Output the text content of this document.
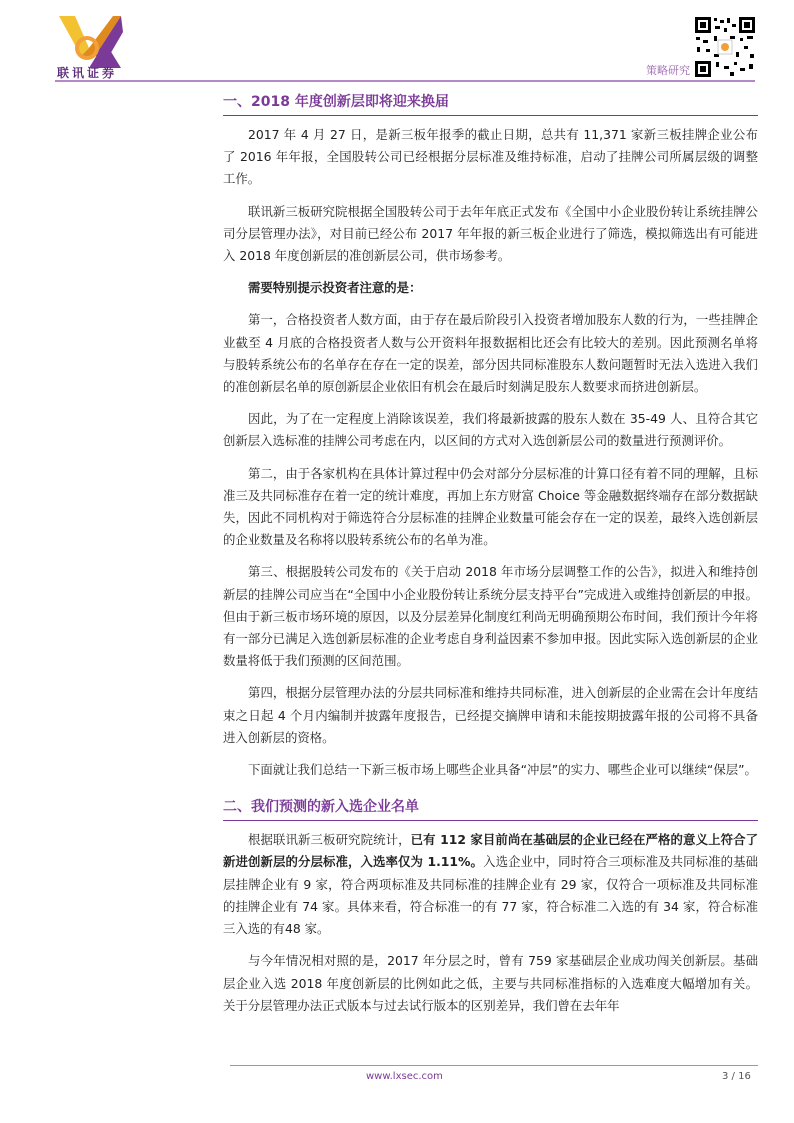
联讯证券	策略研究
一、2018 年度创新层即将迎来换届

2017 年 4 月 27 日，是新三板年报季的截止日期，总共有 11,371 家新三板挂牌企业公布了 2016 年年报，全国股转公司已经根据分层标准及维持标准，启动了挂牌公司所属层级的调整工作。

联讯新三板研究院根据全国股转公司于去年年底正式发布《全国中小企业股份转让系统挂牌公司分层管理办法》，对目前已经公布 2017 年年报的新三板企业进行了筛选，模拟筛选出有可能进入 2018 年度创新层的准创新层公司，供市场参考。

需要特别提示投资者注意的是：

第一，合格投资者人数方面，由于存在最后阶段引入投资者增加股东人数的行为，一些挂牌企业截至 4 月底的合格投资者人数与公开资料年报数据相比还会有比较大的差别。因此预测名单将与股转系统公布的名单存在存在一定的误差，部分因共同标准股东人数问题暂时无法入选进入我们的准创新层名单的原创新层企业依旧有机会在最后时刻满足股东人数要求而挤进创新层。

因此，为了在一定程度上消除该误差，我们将最新披露的股东人数在 35-49 人、且符合其它创新层入选标准的挂牌公司考虑在内，以区间的方式对入选创新层公司的数量进行预测评价。

第二，由于各家机构在具体计算过程中仍会对部分分层标准的计算口径有着不同的理解，且标准三及共同标准存在着一定的统计难度，再加上东方财富 Choice 等金融数据终端存在部分数据缺失，因此不同机构对于筛选符合分层标准的挂牌企业数量可能会存在一定的误差，最终入选创新层的企业数量及名称将以股转系统公布的名单为准。

第三、根据股转公司发布的《关于启动 2018 年市场分层调整工作的公告》，拟进入和维持创新层的挂牌公司应当在“全国中小企业股份转让系统分层支持平台”完成进入或维持创新层的申报。但由于新三板市场环境的原因，以及分层差异化制度红利尚无明确预期公布时间，我们预计今年将有一部分已满足入选创新层标准的企业考虑自身利益因素不参加申报。因此实际入选创新层的企业数量将低于我们预测的区间范围。

第四，根据分层管理办法的分层共同标准和维持共同标准，进入创新层的企业需在会计年度结束之日起 4 个月内编制并披露年度报告，已经提交摘牌申请和未能按期披露年报的公司将不具备进入创新层的资格。

下面就让我们总结一下新三板市场上哪些企业具备“冲层”的实力、哪些企业可以继续“保层”。

二、我们预测的新入选企业名单

根据联讯新三板研究院统计，已有 112 家目前尚在基础层的企业已经在严格的意义上符合了新进创新层的分层标准，入选率仅为 1.11%。入选企业中，同时符合三项标准及共同标准的基础层挂牌企业有 9 家，符合两项标准及共同标准的挂牌企业有 29 家，仅符合一项标准及共同标准的挂牌企业有 74 家。具体来看，符合标准一的有 77 家，符合标准二入选的有 34 家，符合标准三入选的有48 家。

与今年情况相对照的是，2017 年分层之时，曾有 759 家基础层企业成功闯关创新层。基础层企业入选 2018 年度创新层的比例如此之低，主要与共同标准指标的入选难度大幅增加有关。关于分层管理办法正式版本与过去试行版本的区别差异，我们曾在去年年

www.lxsec.com	3 / 16
